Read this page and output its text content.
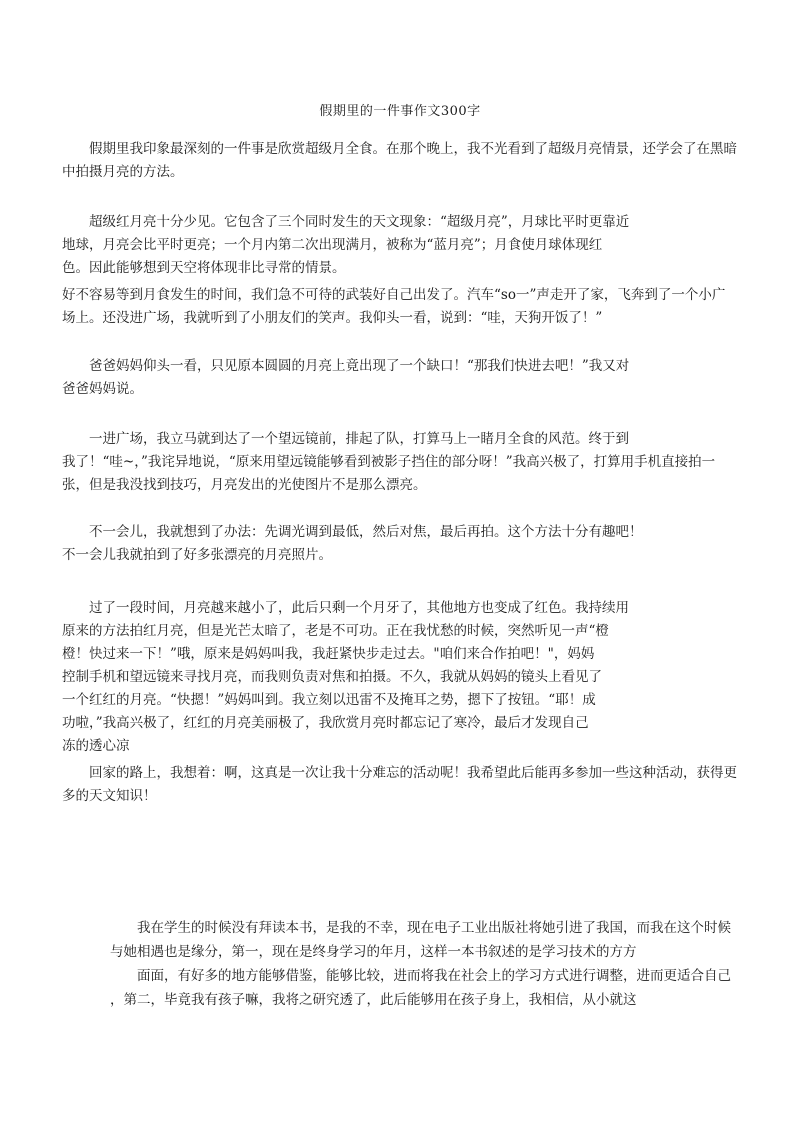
假期里的一件事作文300字
假期里我印象最深刻的一件事是欣赏超级月全食。在那个晚上，我不光看到了超级月亮情景，还学会了在黑暗
中拍摄月亮的方法。
超级红月亮十分少见。它包含了三个同时发生的天文现象：“超级月亮”，月球比平时更靠近
地球，月亮会比平时更亮；一个月内第二次出现满月，被称为“蓝月亮”；月食使月球体现红
色。因此能够想到天空将体现非比寻常的情景。
好不容易等到月食发生的时间，我们急不可待的武装好自己出发了。汽车“so一”声走开了家，飞奔到了一个小广
场上。还没进广场，我就听到了小朋友们的笑声。我仰头一看，说到：“哇，天狗开饭了！”
爸爸妈妈仰头一看，只见原本圆圆的月亮上竟出现了一个缺口！“那我们快进去吧！”我又对
爸爸妈妈说。
一进广场，我立马就到达了一个望远镜前，排起了队，打算马上一睹月全食的风范。终于到
我了！“哇~，”我诧异地说，“原来用望远镜能够看到被影子挡住的部分呀！”我高兴极了，打算用手机直接拍一
张，但是我没找到技巧，月亮发出的光使图片不是那么漂亮。
不一会儿，我就想到了办法：先调光调到最低，然后对焦，最后再拍。这个方法十分有趣吧！
不一会儿我就拍到了好多张漂亮的月亮照片。
过了一段时间，月亮越来越小了，此后只剩一个月牙了，其他地方也变成了红色。我持续用
原来的方法拍红月亮，但是光芒太暗了，老是不可功。正在我忧愁的时候，突然听见一声“橙
橙！快过来一下！”哦，原来是妈妈叫我，我赶紧快步走过去。"咱们来合作拍吧！"，妈妈
控制手机和望远镜来寻找月亮，而我则负责对焦和拍摄。不久，我就从妈妈的镜头上看见了
一个红红的月亮。“快摁！”妈妈叫到。我立刻以迅雷不及掩耳之势，摁下了按钮。“耶！成
功啦，”我高兴极了，红红的月亮美丽极了，我欣赏月亮时都忘记了寒冷，最后才发现自己
冻的透心凉
回家的路上，我想着：啊，这真是一次让我十分难忘的活动呢！我希望此后能再多参加一些这种活动，获得更
多的天文知识！
我在学生的时候没有拜读本书，是我的不幸，现在电子工业出版社将她引进了我国，而我在这个时候
与她相遇也是缘分，第一，现在是终身学习的年月，这样一本书叙述的是学习技术的方方
面面，有好多的地方能够借鉴，能够比较，进而将我在社会上的学习方式进行调整，进而更适合自己
，第二，毕竟我有孩子嘛，我将之研究透了，此后能够用在孩子身上，我相信，从小就这
